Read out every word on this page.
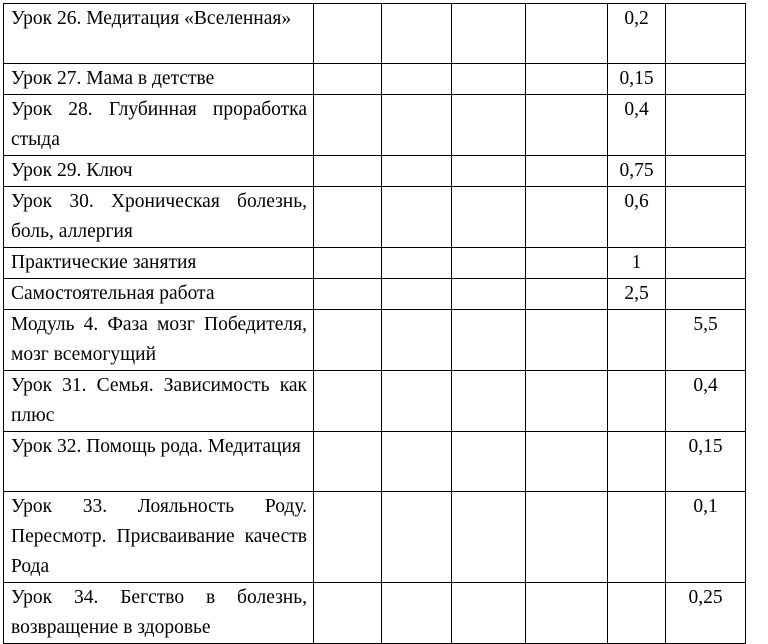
Урок 26. Медитация «Вселенная»					0,2	
Урок 27. Мама в детстве					0,15	
Урок 28. Глубинная проработка стыда					0,4	
Урок 29. Ключ					0,75	
Урок 30. Хроническая болезнь, боль, аллергия					0,6	
Практические занятия					1	
Самостоятельная работа					2,5	
Модуль 4. Фаза мозг Победителя, мозг всемогущий						5,5
Урок 31. Семья. Зависимость как плюс						0,4
Урок 32. Помощь рода. Медитация						0,15
Урок 33. Лояльность Роду. Пересмотр. Присваивание качеств Рода						0,1
Урок 34. Бегство в болезнь, возвращение в здоровье						0,25
